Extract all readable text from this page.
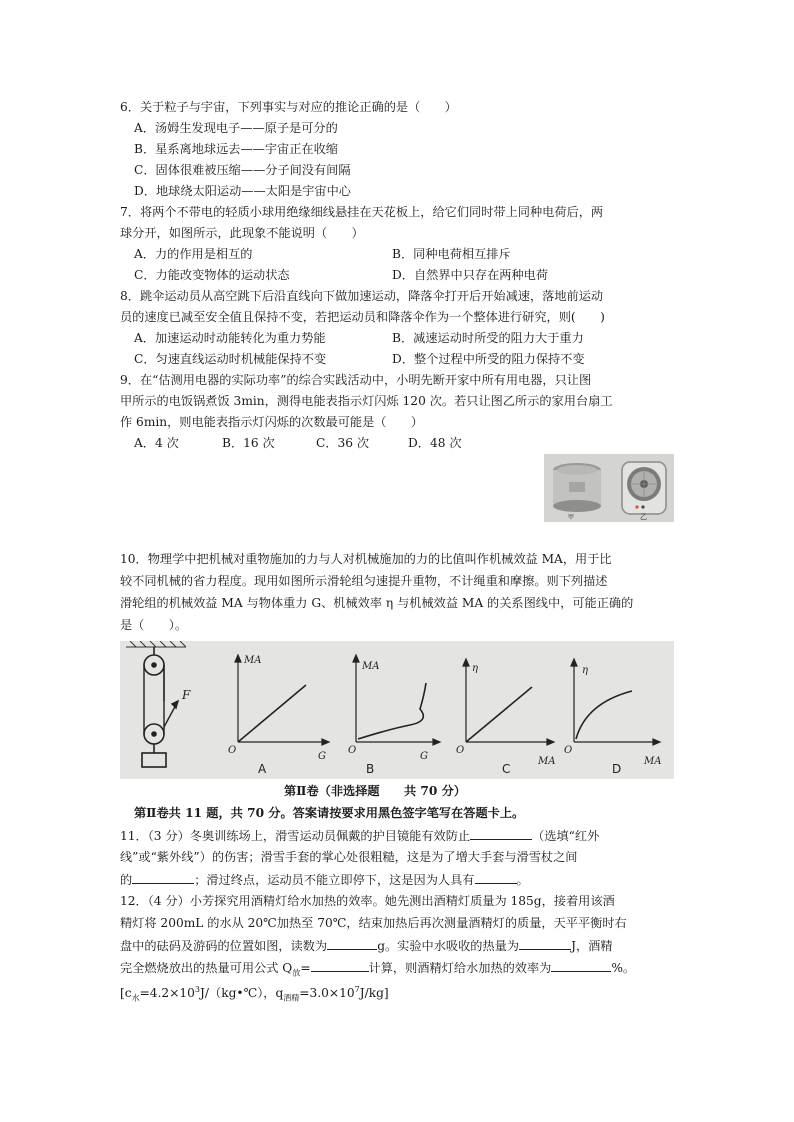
6．关于粒子与宇宙，下列事实与对应的推论正确的是（　　）
A．汤姆生发现电子——原子是可分的
B．星系离地球远去——宇宙正在收缩
C．固体很难被压缩——分子间没有间隔
D．地球绕太阳运动——太阳是宇宙中心
7．将两个不带电的轻质小球用绝缘细线悬挂在天花板上，给它们同时带上同种电荷后，两
球分开，如图所示，此现象不能说明（　　）
A．力的作用是相互的	B．同种电荷相互排斥
C．力能改变物体的运动状态	D．自然界中只存在两种电荷
8．跳伞运动员从高空跳下后沿直线向下做加速运动，降落伞打开后开始减速，落地前运动
员的速度已减至安全值且保持不变，若把运动员和降落伞作为一个整体进行研究，则(　　)
A．加速运动时动能转化为重力势能	B．减速运动时所受的阻力大于重力
C．匀速直线运动时机械能保持不变	D．整个过程中所受的阻力保持不变
9．在“估测用电器的实际功率”的综合实践活动中，小明先断开家中所有用电器，只让图
甲所示的电饭锅煮饭 3min，测得电能表指示灯闪烁 120 次。若只让图乙所示的家用台扇工
作 6min，则电能表指示灯闪烁的次数最可能是（　　）
A．4 次	B．16 次	C．36 次	D．48 次
甲	乙
10．物理学中把机械对重物施加的力与人对机械施加的力的比值叫作机械效益 MA，用于比
较不同机械的省力程度。现用如图所示滑轮组匀速提升重物，不计绳重和摩擦。则下列描述
滑轮组的机械效益 MA 与物体重力 G、机械效率 η 与机械效益 MA 的关系图线中，可能正确的
是（　　）。
F
MA
G
O
A
MA
G
O
B
η
MA
O
C
η
MA
O
D
第Ⅱ卷（非选择题　　共 70 分）
第Ⅱ卷共 11 题，共 70 分。答案请按要求用黑色签字笔写在答题卡上。
11．（3 分）冬奥训练场上，滑雪运动员佩戴的护目镜能有效防止	（选填“红外
线”或“紫外线”）的伤害；滑雪手套的掌心处很粗糙，这是为了增大手套与滑雪杖之间
的	；滑过终点，运动员不能立即停下，这是因为人具有	。
12．（4 分）小芳探究用酒精灯给水加热的效率。她先测出酒精灯质量为 185g，接着用该酒
精灯将 200mL 的水从 20℃加热至 70℃，结束加热后再次测量酒精灯的质量，天平平衡时右
盘中的砝码及游码的位置如图，读数为	g。实验中水吸收的热量为	J，酒精
完全燃烧放出的热量可用公式 $Q_放=$	计算，则酒精灯给水加热的效率为	%。
[$c_水=4.2\times 10^3J/(kg•℃)$，$q_{酒精}=3.0\times 10^7J/kg$]
